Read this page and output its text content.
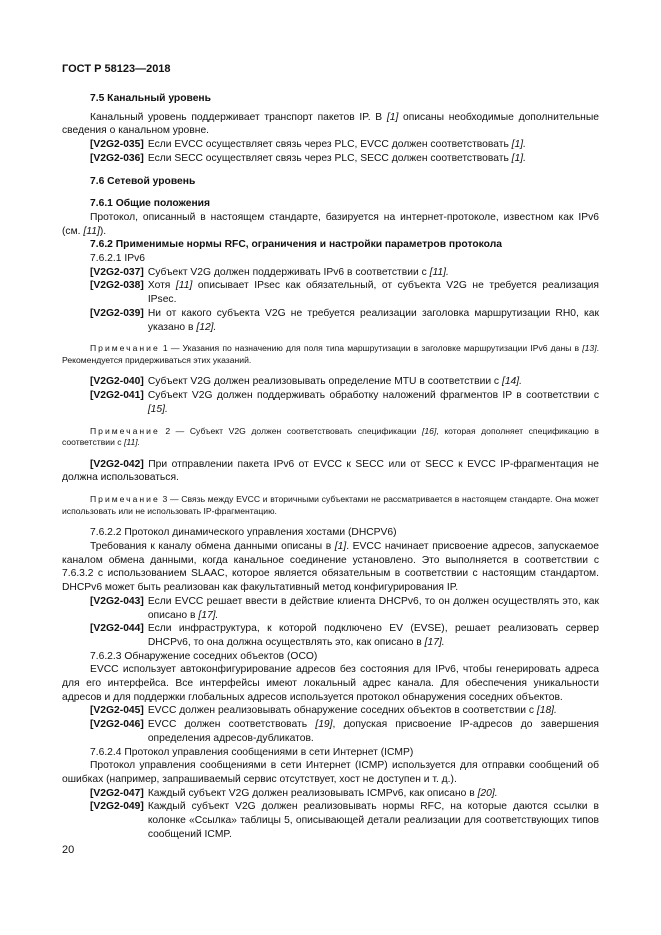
ГОСТ Р 58123—2018

7.5 Канальный уровень

Канальный уровень поддерживает транспорт пакетов IP. В [1] описаны необходимые дополнительные сведения о канальном уровне.

[V2G2-035] Если EVCC осуществляет связь через PLC, EVCC должен соответствовать [1].
[V2G2-036] Если SECC осуществляет связь через PLC, SECC должен соответствовать [1].

7.6 Сетевой уровень

7.6.1 Общие положения

Протокол, описанный в настоящем стандарте, базируется на интернет-протоколе, известном как IPv6 (см. [11]).

7.6.2 Применимые нормы RFC, ограничения и настройки параметров протокола

7.6.2.1 IPv6

[V2G2-037] Субъект V2G должен поддерживать IPv6 в соответствии с [11].
[V2G2-038] Хотя [11] описывает IPsec как обязательный, от субъекта V2G не требуется реализация IPsec.
[V2G2-039] Ни от какого субъекта V2G не требуется реализации заголовка маршрутизации RH0, как указано в [12].

Примечание 1 — Указания по назначению для поля типа маршрутизации в заголовке маршрутизации IPv6 даны в [13]. Рекомендуется придерживаться этих указаний.

[V2G2-040] Субъект V2G должен реализовывать определение MTU в соответствии с [14].
[V2G2-041] Субъект V2G должен поддерживать обработку наложений фрагментов IP в соответствии с [15].

Примечание 2 — Субъект V2G должен соответствовать спецификации [16], которая дополняет спецификацию в соответствии с [11].

[V2G2-042] При отправлении пакета IPv6 от EVCC к SECC или от SECC к EVCC IP-фрагментация не должна использоваться.

Примечание 3 — Связь между EVCC и вторичными субъектами не рассматривается в настоящем стандарте. Она может использовать или не использовать IP-фрагментацию.

7.6.2.2 Протокол динамического управления хостами (DHCPV6)

Требования к каналу обмена данными описаны в [1]. EVCC начинает присвоение адресов, запускаемое каналом обмена данными, когда канальное соединение установлено. Это выполняется в соответствии с 7.6.3.2 с использованием SLAAC, которое является обязательным в соответствии с настоящим стандартом. DHCPv6 может быть реализован как факультативный метод конфигурирования IP.

[V2G2-043] Если EVCC решает ввести в действие клиента DHCPv6, то он должен осуществлять это, как описано в [17].
[V2G2-044] Если инфраструктура, к которой подключено EV (EVSE), решает реализовать сервер DHCPv6, то она должна осуществлять это, как описано в [17].

7.6.2.3 Обнаружение соседних объектов (OCO)

EVCC использует автоконфигурирование адресов без состояния для IPv6, чтобы генерировать адреса для его интерфейса. Все интерфейсы имеют локальный адрес канала. Для обеспечения уникальности адресов и для поддержки глобальных адресов используется протокол обнаружения соседних объектов.

[V2G2-045] EVCC должен реализовывать обнаружение соседних объектов в соответствии с [18].
[V2G2-046] EVCC должен соответствовать [19], допуская присвоение IP-адресов до завершения определения адресов-дубликатов.

7.6.2.4 Протокол управления сообщениями в сети Интернет (ICMP)

Протокол управления сообщениями в сети Интернет (ICMP) используется для отправки сообщений об ошибках (например, запрашиваемый сервис отсутствует, хост не доступен и т. д.).

[V2G2-047] Каждый субъект V2G должен реализовывать ICMPv6, как описано в [20].
[V2G2-049] Каждый субъект V2G должен реализовывать нормы RFC, на которые даются ссылки в колонке «Ссылка» таблицы 5, описывающей детали реализации для соответствующих типов сообщений ICMP.
20
